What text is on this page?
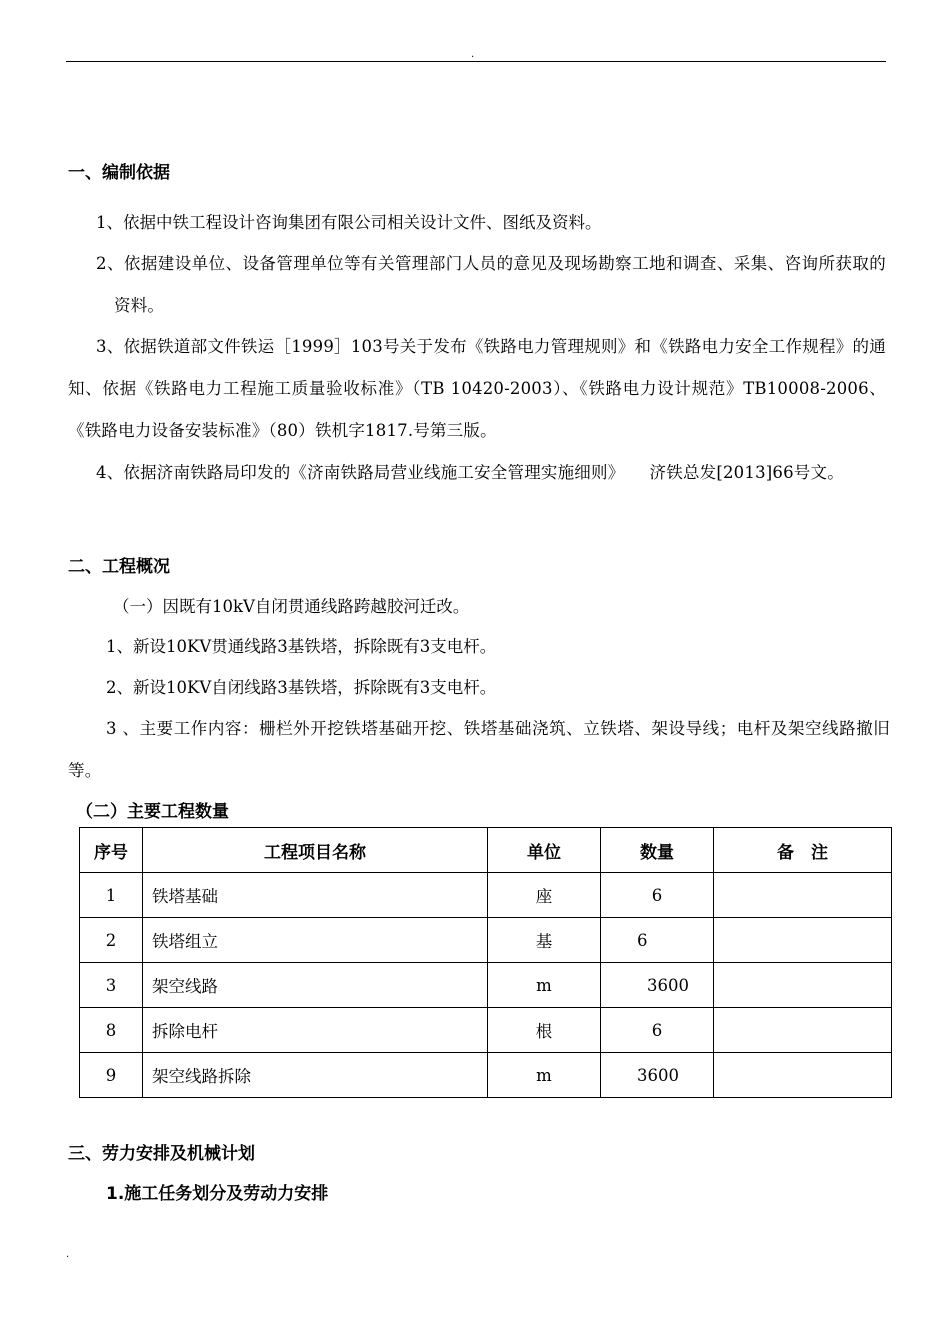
.
一、编制依据
1、依据中铁工程设计咨询集团有限公司相关设计文件、图纸及资料。
2、依据建设单位、设备管理单位等有关管理部门人员的意见及现场勘察工地和调查、采集、咨询所获取的资料。
3、依据铁道部文件铁运［1999］103号关于发布《铁路电力管理规则》和《铁路电力安全工作规程》的通知、依据《铁路电力工程施工质量验收标准》（TB 10420-2003）、《铁路电力设计规范》TB10008-2006、《铁路电力设备安装标准》（80）铁机字1817.号第三版。
4、依据济南铁路局印发的《济南铁路局营业线施工安全管理实施细则》　　济铁总发[2013]66号文。
二、工程概况
（一）因既有10kV自闭贯通线路跨越胶河迁改。
1、新设10KV贯通线路3基铁塔，拆除既有3支电杆。
2、新设10KV自闭线路3基铁塔，拆除既有3支电杆。
3 、主要工作内容：栅栏外开挖铁塔基础开挖、铁塔基础浇筑、立铁塔、架设导线；电杆及架空线路撤旧等。
（二）主要工程数量
序号	工程项目名称	单位	数量	备　注
1	铁塔基础	座	6	
2	铁塔组立	基	6	
3	架空线路	m	3600	
8	拆除电杆	根	6	
9	架空线路拆除	m	3600	
三、劳力安排及机械计划
1.施工任务划分及劳动力安排
.
